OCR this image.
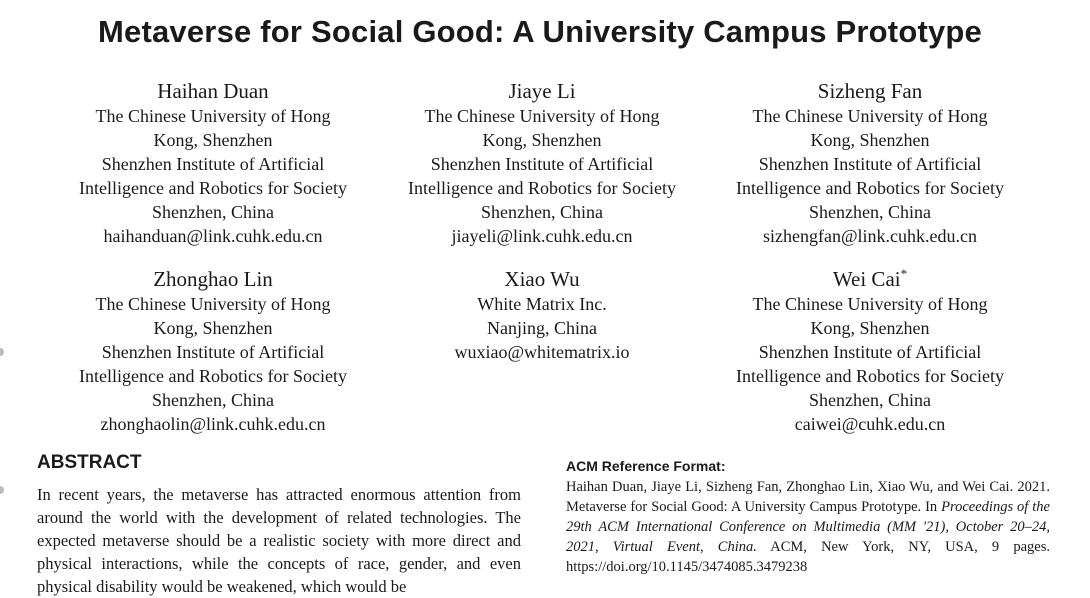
Metaverse for Social Good: A University Campus Prototype
Haihan Duan
The Chinese University of Hong
Kong, Shenzhen
Shenzhen Institute of Artificial
Intelligence and Robotics for Society
Shenzhen, China
haihanduan@link.cuhk.edu.cn
Jiaye Li
The Chinese University of Hong
Kong, Shenzhen
Shenzhen Institute of Artificial
Intelligence and Robotics for Society
Shenzhen, China
jiayeli@link.cuhk.edu.cn
Sizheng Fan
The Chinese University of Hong
Kong, Shenzhen
Shenzhen Institute of Artificial
Intelligence and Robotics for Society
Shenzhen, China
sizhengfan@link.cuhk.edu.cn
Zhonghao Lin
The Chinese University of Hong
Kong, Shenzhen
Shenzhen Institute of Artificial
Intelligence and Robotics for Society
Shenzhen, China
zhonghaolin@link.cuhk.edu.cn
Xiao Wu
White Matrix Inc.
Nanjing, China
wuxiao@whitematrix.io
Wei Cai*
The Chinese University of Hong
Kong, Shenzhen
Shenzhen Institute of Artificial
Intelligence and Robotics for Society
Shenzhen, China
caiwei@cuhk.edu.cn
ABSTRACT
In recent years, the metaverse has attracted enormous attention from around the world with the development of related technologies. The expected metaverse should be a realistic society with more direct and physical interactions, while the concepts of race, gender, and even physical disability would be weakened, which would be
ACM Reference Format:
Haihan Duan, Jiaye Li, Sizheng Fan, Zhonghao Lin, Xiao Wu, and Wei Cai. 2021. Metaverse for Social Good: A University Campus Prototype. In Proceedings of the 29th ACM International Conference on Multimedia (MM '21), October 20–24, 2021, Virtual Event, China. ACM, New York, NY, USA, 9 pages. https://doi.org/10.1145/3474085.3479238
